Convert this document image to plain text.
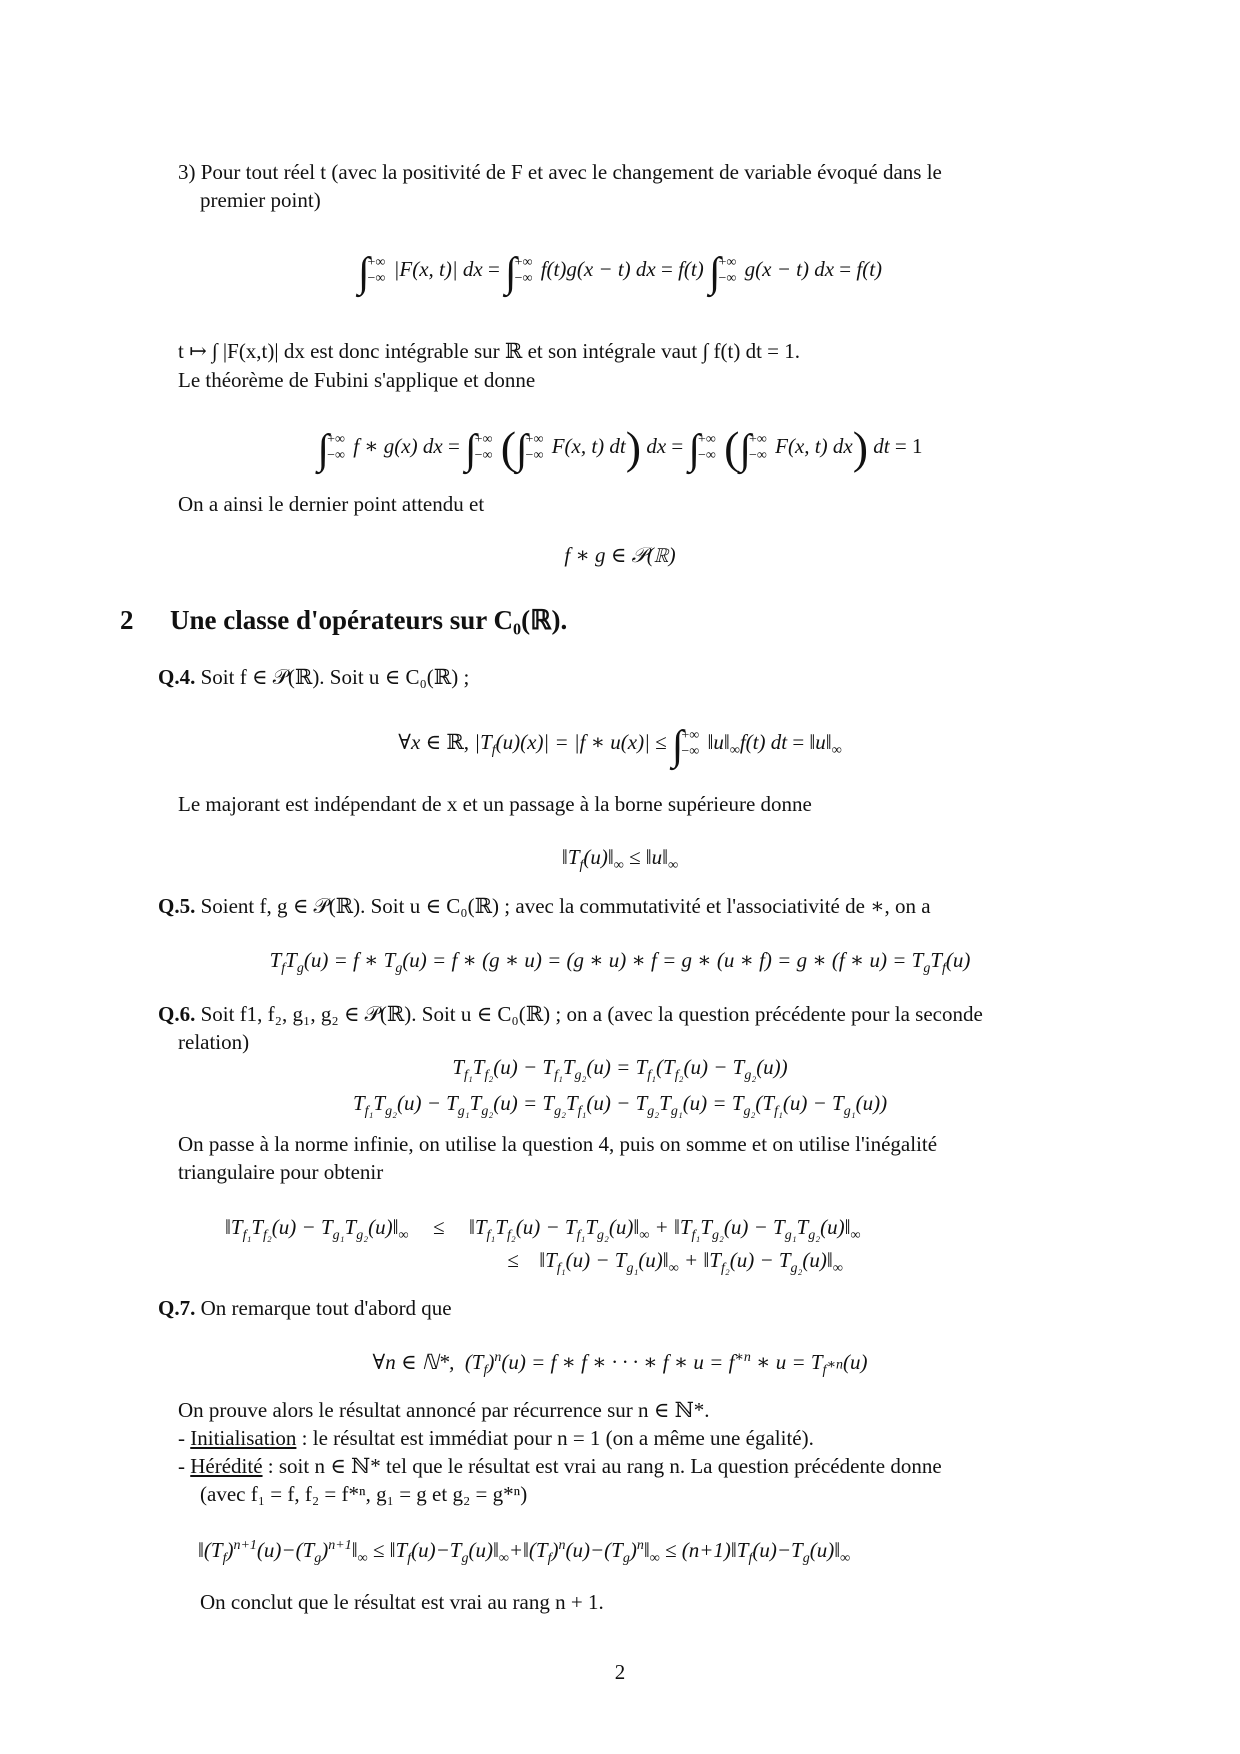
3) Pour tout réel t (avec la positivité de F et avec le changement de variable évoqué dans le
premier point)
∫
+∞
−∞ |F(x, t)| dx = ∫
+∞
−∞ f(t)g(x − t) dx = f(t) ∫
+∞
−∞ g(x − t) dx = f(t)
t ↦ ∫ |F(x,t)| dx est donc intégrable sur ℝ et son intégrale vaut ∫ f(t) dt = 1.
Le théorème de Fubini s'applique et donne
∫
+∞
−∞ f ∗ g(x) dx = ∫
+∞
−∞ (∫
+∞
−∞ F(x, t) dt) dx = ∫
+∞
−∞ (∫
+∞
−∞ F(x, t) dx) dt = 1
On a ainsi le dernier point attendu et
f ∗ g ∈ 𝒫(ℝ)
2 Une classe d'opérateurs sur C₀(ℝ).
Q.4. Soit f ∈ 𝒫(ℝ). Soit u ∈ C₀(ℝ) ;
∀x ∈ ℝ, $|T_f(u)(x)| = |f$ ∗ u(x)| ≤ ∫
+∞
−∞ $‖u‖_\infty f(t)$ dt = $‖u‖_\infty$
Le majorant est indépendant de x et un passage à la borne supérieure donne
$‖T_f(u)‖_\infty$ ≤ $‖u‖_\infty$
Q.5. Soient f, g ∈ 𝒫(ℝ). Soit u ∈ C₀(ℝ) ; avec la commutativité et l'associativité de ∗, on a
$T_fT_g(u) = f$ ∗ $T_g(u) = f$ ∗ (g ∗ u) = (g ∗ u) ∗ f = g ∗ (u ∗ f) = g ∗ (f ∗ $u) = T_gT_f(u)$
Q.6. Soit f1, f₂, g₁, g₂ ∈ 𝒫(ℝ). Soit u ∈ C₀(ℝ) ; on a (avec la question précédente pour la seconde
relation)
$T_{f_1}T_{f_2}(u) - T_{f_1}T_{g_2}(u) = T_{f_1}(T_{f_2}(u) - T_{g_2}(u))$
$T_{f_1}T_{g_2}(u) - T_{g_1}T_{g_2}(u) = T_{g_2}T_{f_1}(u) - T_{g_2}T_{g_1}(u) = T_{g_2}(T_{f_1}(u) - T_{g_1}(u))$
On passe à la norme infinie, on utilise la question 4, puis on somme et on utilise l'inégalité
triangulaire pour obtenir
$‖T_{f_1}T_{f_2}(u)$ − $T_{g_1}T_{g_2}(u)‖_\infty$ ≤ $‖T_{f_1}T_{f_2}(u)$ − $T_{f_1}T_{g_2}(u)‖_\infty$ + $‖T_{f_1}T_{g_2}(u)$ − $T_{g_1}T_{g_2}(u)‖_\infty$
≤ $‖T_{f_1}(u)$ − $T_{g_1}(u)‖_\infty$ + $‖T_{f_2}(u)$ − $T_{g_2}(u)‖_\infty$
Q.7. On remarque tout d'abord que
∀n ∈ ℕ*,  $(T_f)^n(u) = f$ ∗ f ∗ · · · ∗ f ∗ $u = f^{∗n}$ ∗ $u = T_{f^{∗n}}(u)$
On prouve alors le résultat annoncé par récurrence sur n ∈ ℕ*.
- Initialisation : le résultat est immédiat pour n = 1 (on a même une égalité).
- Hérédité : soit n ∈ ℕ* tel que le résultat est vrai au rang n. La question précédente donne
(avec f₁ = f, f₂ = f*ⁿ, g₁ = g et g₂ = g*ⁿ)
$‖(T_f)^{n+1}(u)-(T_g)^{n+1}‖_\infty$ ≤ $‖T_f(u)-T_g(u)‖_\infty+‖(T_f)^n(u)-(T_g)^n‖_\infty$ ≤ $(n+1)‖T_f(u)-T_g(u)‖_\infty$
On conclut que le résultat est vrai au rang n + 1.
2
